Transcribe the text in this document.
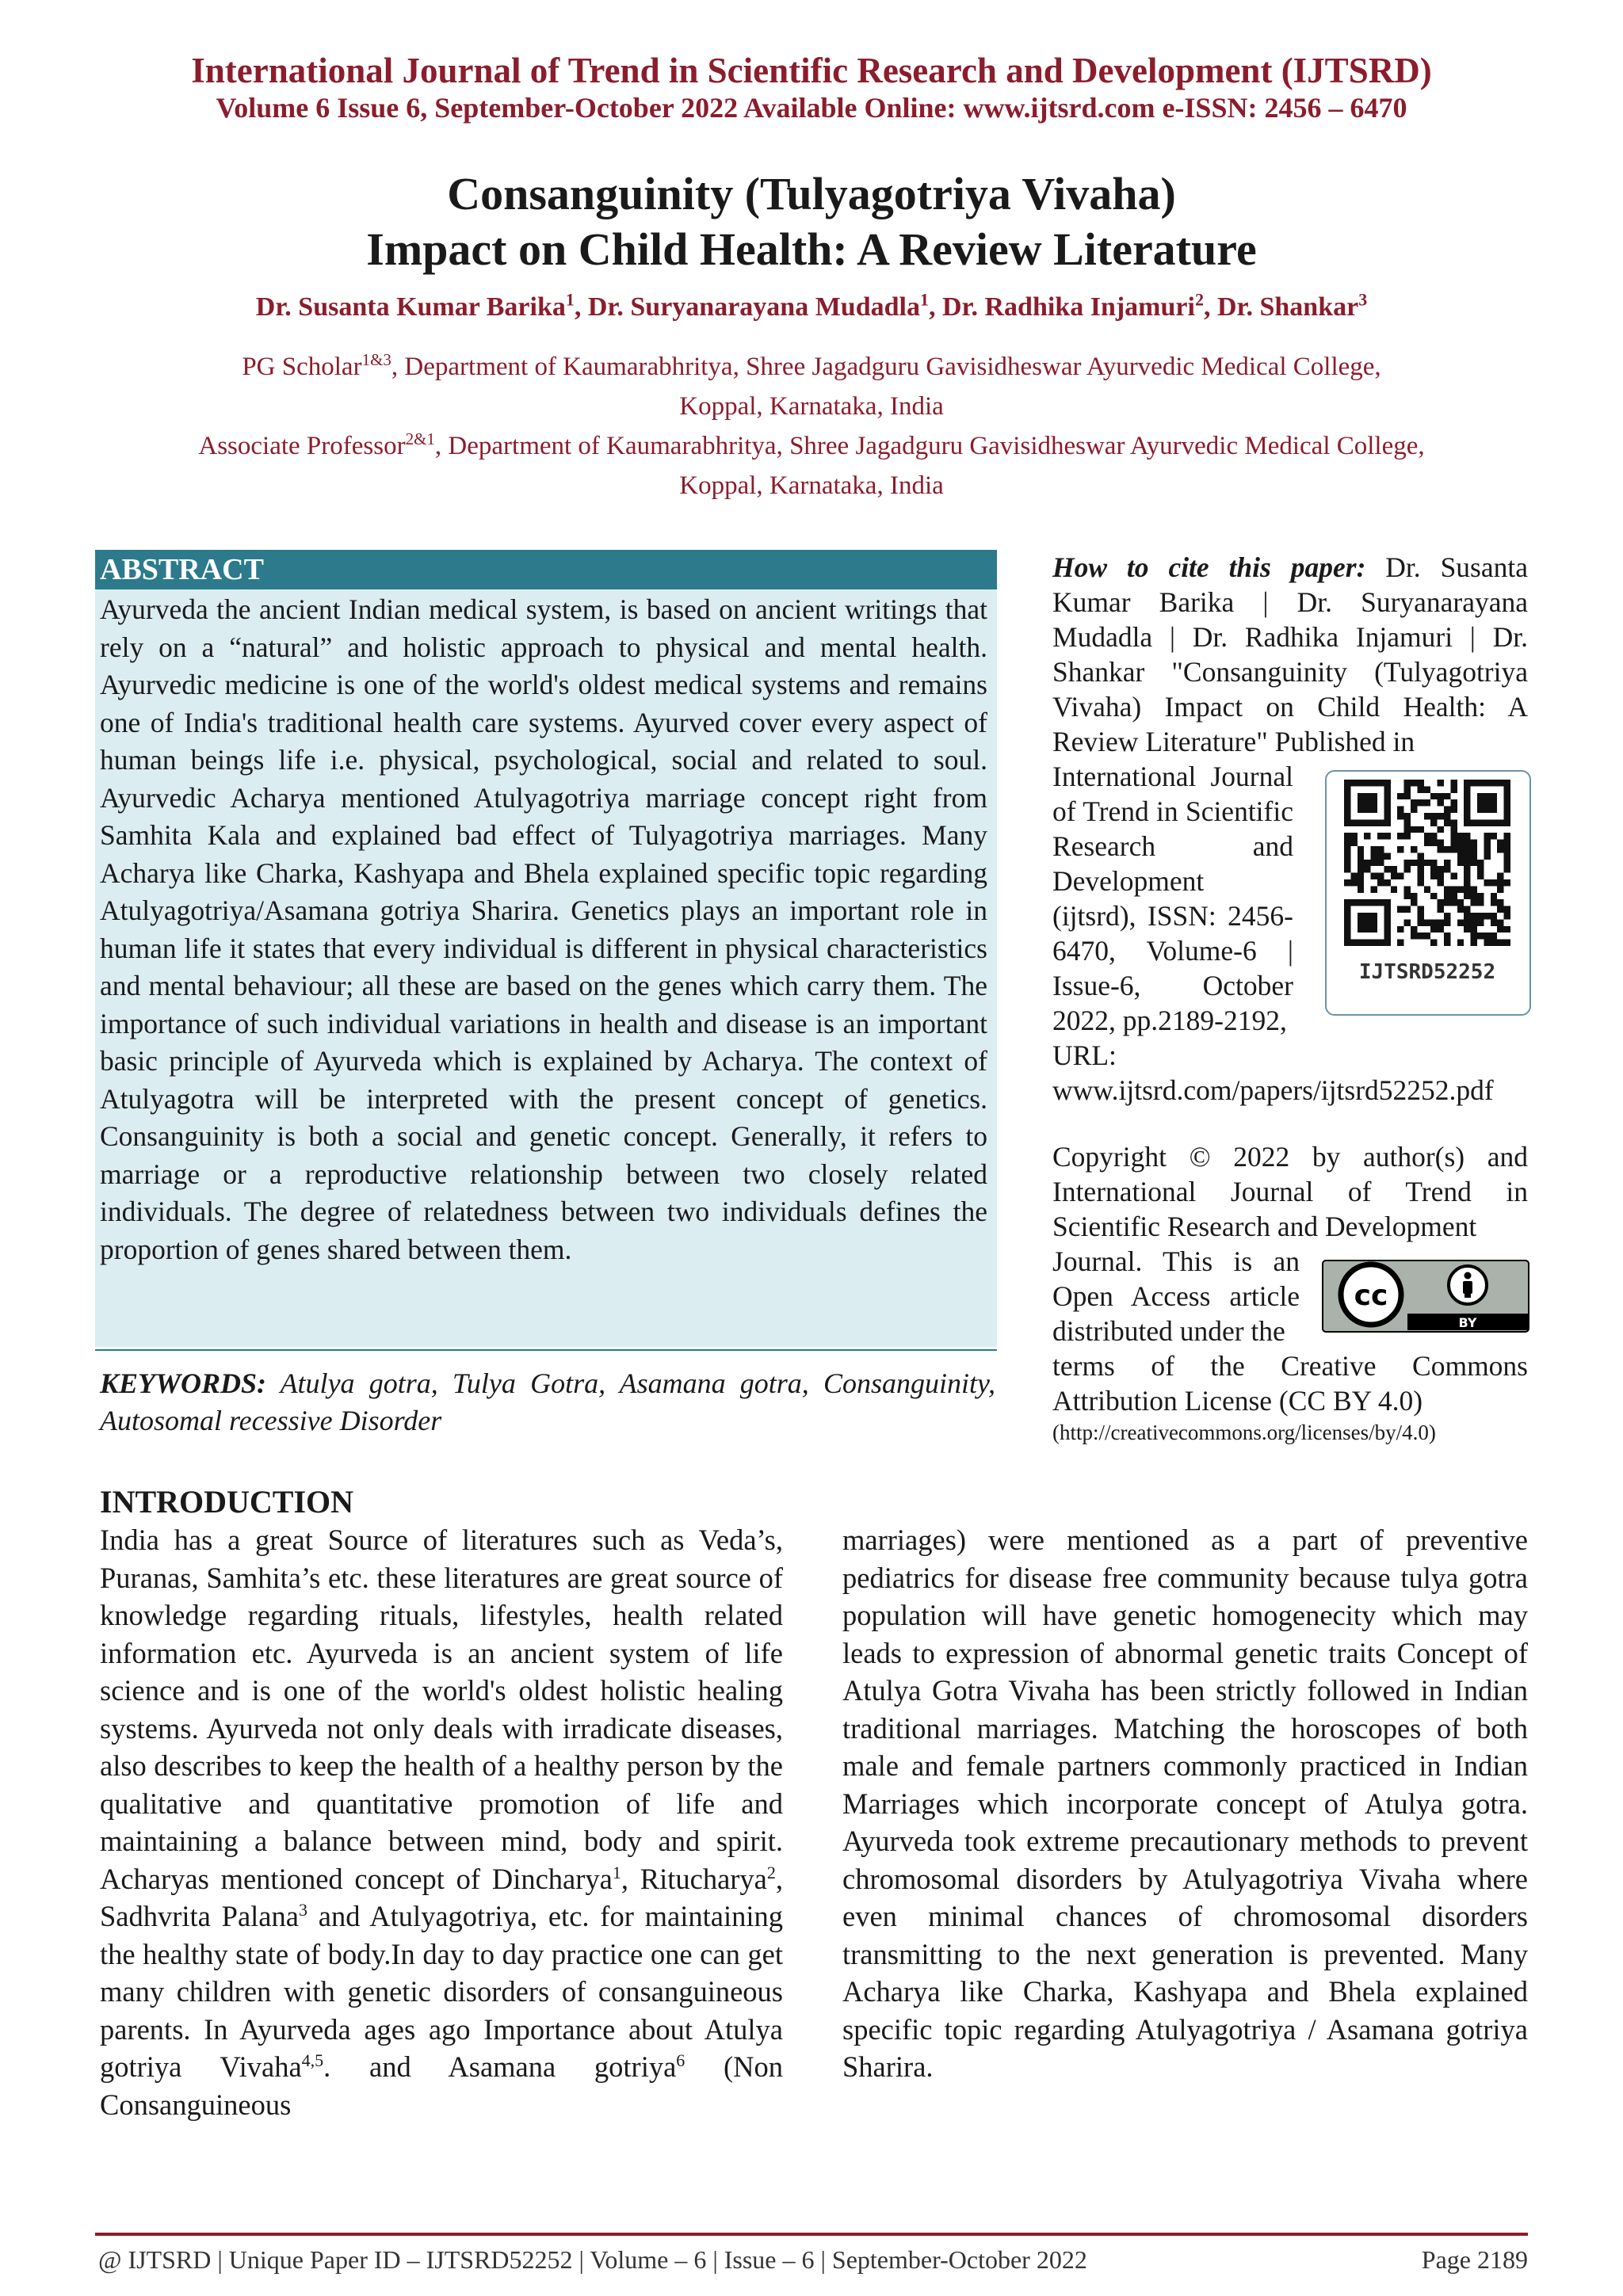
International Journal of Trend in Scientific Research and Development (IJTSRD)
Volume 6 Issue 6, September-October 2022 Available Online: www.ijtsrd.com e-ISSN: 2456 – 6470
Consanguinity (Tulyagotriya Vivaha)
Impact on Child Health: A Review Literature
Dr. Susanta Kumar Barika$^1$, Dr. Suryanarayana Mudadla$^1$, Dr. Radhika Injamuri$^2$, Dr. Shankar$^3$
PG Scholar$^{1\&3}$, Department of Kaumarabhritya, Shree Jagadguru Gavisidheswar Ayurvedic Medical College,
Koppal, Karnataka, India
Associate Professor$^{2\&1}$, Department of Kaumarabhritya, Shree Jagadguru Gavisidheswar Ayurvedic Medical College,
Koppal, Karnataka, India
ABSTRACT
Ayurveda the ancient Indian medical system, is based on ancient writings that rely on a “natural” and holistic approach to physical and mental health. Ayurvedic medicine is one of the world's oldest medical systems and remains one of India's traditional health care systems. Ayurved cover every aspect of human beings life i.e. physical, psychological, social and related to soul. Ayurvedic Acharya mentioned Atulyagotriya marriage concept right from Samhita Kala and explained bad effect of Tulyagotriya marriages. Many Acharya like Charka, Kashyapa and Bhela explained specific topic regarding Atulyagotriya/Asamana gotriya Sharira. Genetics plays an important role in human life it states that every individual is different in physical characteristics and mental behaviour; all these are based on the genes which carry them. The importance of such individual variations in health and disease is an important basic principle of Ayurveda which is explained by Acharya. The context of Atulyagotra will be interpreted with the present concept of genetics. Consanguinity is both a social and genetic concept. Generally, it refers to marriage or a reproductive relationship between two closely related individuals. The degree of relatedness between two individuals defines the proportion of genes shared between them.
KEYWORDS: Atulya gotra, Tulya Gotra, Asamana gotra, Consanguinity, Autosomal recessive Disorder
How to cite this paper: Dr. Susanta Kumar Barika | Dr. Suryanarayana Mudadla | Dr. Radhika Injamuri | Dr. Shankar "Consanguinity (Tulyagotriya Vivaha) Impact on Child Health: A Review Literature" Published in
International Journal of Trend in Scientific Research and Development (ijtsrd), ISSN: 2456-6470, Volume-6 | Issue-6, October 2022, pp.2189-2192,
URL: www.ijtsrd.com/papers/ijtsrd52252.pdf
IJTSRD52252
Copyright © 2022 by author(s) and International Journal of Trend in Scientific Research and Development
Journal. This is an Open Access article distributed under the
terms of the Creative Commons Attribution License (CC BY 4.0)
(http://creativecommons.org/licenses/by/4.0)
cc
BY
INTRODUCTION
India has a great Source of literatures such as Veda’s, Puranas, Samhita’s etc. these literatures are great source of knowledge regarding rituals, lifestyles, health related information etc. Ayurveda is an ancient system of life science and is one of the world's oldest holistic healing systems. Ayurveda not only deals with irradicate diseases, also describes to keep the health of a healthy person by the qualitative and quantitative promotion of life and maintaining a balance between mind, body and spirit. Acharyas mentioned concept of Dincharya$^1$, Ritucharya$^2$, Sadhvrita Palana$^3$ and Atulyagotriya, etc. for maintaining the healthy state of body.In day to day practice one can get many children with genetic disorders of consanguineous parents. In Ayurveda ages ago Importance about Atulya gotriya Vivaha$^{4,5}$. and Asamana gotriya$^6$ (Non Consanguineous
marriages) were mentioned as a part of preventive pediatrics for disease free community because tulya gotra population will have genetic homogenecity which may leads to expression of abnormal genetic traits Concept of Atulya Gotra Vivaha has been strictly followed in Indian traditional marriages. Matching the horoscopes of both male and female partners commonly practiced in Indian Marriages which incorporate concept of Atulya gotra. Ayurveda took extreme precautionary methods to prevent chromosomal disorders by Atulyagotriya Vivaha where even minimal chances of chromosomal disorders transmitting to the next generation is prevented. Many Acharya like Charka, Kashyapa and Bhela explained specific topic regarding Atulyagotriya / Asamana gotriya Sharira.
@ IJTSRD | Unique Paper ID – IJTSRD52252 | Volume – 6 | Issue – 6 | September-October 2022	Page 2189
